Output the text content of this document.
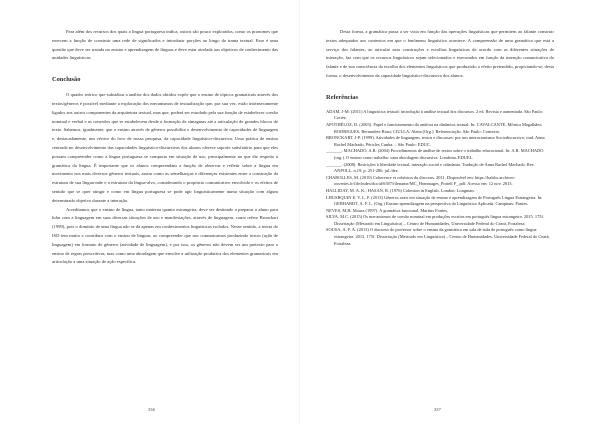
Para além dos recursos dos quais a língua portuguesa indica, outros são pouco explorados, como os pronomes que exercem a função de construir uma rede de significados e introduzir porções ao longo da trama textual. Esse é uma questão que deve ser tratada no ensino e aprendizagem de línguas e deve estar atrelada aos objetivos de conhecimento das unidades linguísticas.

Conclusão

O quadro teórico que subsidiou a análise dos dados obtidos expõe que o ensino de tópicos gramaticais através dos textos/gêneros é possível mediante a exploração dos mecanismos de textualização que, por sua vez, estão intrinsecamente ligados aos outros componentes da arquitetura textual, mas que, poderá ser estudado pela sua função de estabelecer coesão nominal e verbal e as conexões que se estabelecem desde a formação de sintagmas até a articulação de grandes blocos de texto. Sabemos, igualmente, que o ensino através de gêneros possibilita o desenvolvimento de capacidades de linguagem e, destacadamente, um vértice do foco de nossa pesquisa, da capacidade linguístico-discursiva. Uma prática de ensino centrada no desenvolvimento das capacidades linguístico-discursivas dos alunos oferece suporte satisfatório para que eles possam compreender como a língua portuguesa se comporta em situação de uso, principalmente no que diz respeito à gramática da língua. É importante que os alunos compreendam a função de observar e refletir sobre a língua em movimento nos mais diversos gêneros textuais, assim como as semelhanças e diferenças existentes entre a construção da estrutura de sua língua-mãe e a estrutura da língua-alvo, considerando o propósito comunicativo envolvido e os efeitos de sentido que se quer atingir e como em língua portuguesa se pode agir linguisticamente numa situação com algum determinado objetivo durante a interação.

Acreditamos que o ensino de língua, tanto materna quanto estrangeira, deve ser destinado a preparar o aluno para lidar com a linguagem em suas diversas situações de uso e manifestações, através de linguagem, como refere Bronckart (1999), pois o domínio de uma língua não se dá apenas em conhecimentos linguísticos isolados. Nesse sentido, a teoria do ISD tem muito a contribuir com o ensino de línguas, ao compreender que nos comunicamos produzindo textos (ação de linguagem) em formato de gêneros (atividade de linguagem), e por isso, os gêneros não devem ser um pretexto para o ensino de regras prescritivas, mas como uma abordagem que envolve a utilização produtiva dos elementos gramaticais em articulação a uma situação de ação específica.

336

Desta forma, a gramática passa a ser vista em função das operações linguísticas que permitem ao falante construir textos adequados aos contextos em que o fenômeno linguístico acontece. A compreensão de uma gramática que está a serviço dos falantes, ao articular suas construções e escolhas linguísticas de acordo com as diferentes situações de interação, faz com que os recursos linguísticos sejam selecionados e executados em função da intenção comunicativa do falante e de sua consciência da escolha dos elementos linguísticos que produzirão o efeito pretendido, propiciando-se, desta forma, o desenvolvimento da capacidade linguístico-discursiva dos alunos.

Referências
ADAM, J-M. (2011) A linguística textual: introdução à análise textual dos discursos. 2 ed. Revista e aumentada. São Paulo: Cortez.
APOTHÉLOZ, D. (2003). Papel e funcionamento da anáfora na dinâmica textual. In: CAVALCANTE, Mônica Magalhães; RODRIGUES, Bernardete Biasi; CIULLA, Alena (Org.). Referenciação. São Paulo: Contexto.
BRONCKART, J-P. (1999). Atividades de linguagem, textos e discursos: por um interacionismo Sociodiscursivo; trad. Anna Rachel Machado, Péricles Cunha. – São Paulo: EDUC.
_______; MACHADO, A.R. (2004) Procedimentos de análise de textos sobre o trabalho educacional. In: A.R. MACHADO (org.). O ensino como trabalho: uma abordagem discursiva. Londrina, EDUEL.
_______. (2008). Restrições à liberdade textual, interação social e cidadania. Tradução de Anna Rachel Machado. Rev. ANPOLL, n.19, p. 251-286, jul./dez.
CHAROLLES, M. (2010) Coherence et cohésion du discours. 2011. Disponível em: https://halshs.archives-ouvertes.fr/file/index/docid/6587/filename/MC_Hommages_Portell F_.pdf. Acesso em: 12 nov. 2013.
HALLIDAY, M. A. K.; HASAN, R. (1976) Cohesion in English. London: Longman.
LHUSBQUIN E. V. L. F. (2013) Gêneros orais em situação de ensino e aprendizagem de Português Língua Estrangeira. In: GERHARDT, A. F. L. (Org.) Ensino-aprendizagem na perspectiva da Linguística Aplicada. Campinas: Pontes.
NEVES, M.H. Moura (1997). A gramática funcional. Martins Fontes.
SILVA, M.C. (2015) Os mecanismos de coesão nominal em produções escritas em português língua estrangeira. 2015. 175f. Dissertação (Mestrado em Linguística) – Centro de Humanidades, Universidade Federal do Ceará, Fortaleza.
SOUSA, A. F. A. (2013) O discurso do professor sobre o ensino da gramática em sala de aula de português como língua estrangeira. 2013. 175f. Dissertação (Mestrado em Linguística) – Centro de Humanidades, Universidade Federal do Ceará, Fortaleza.
337
